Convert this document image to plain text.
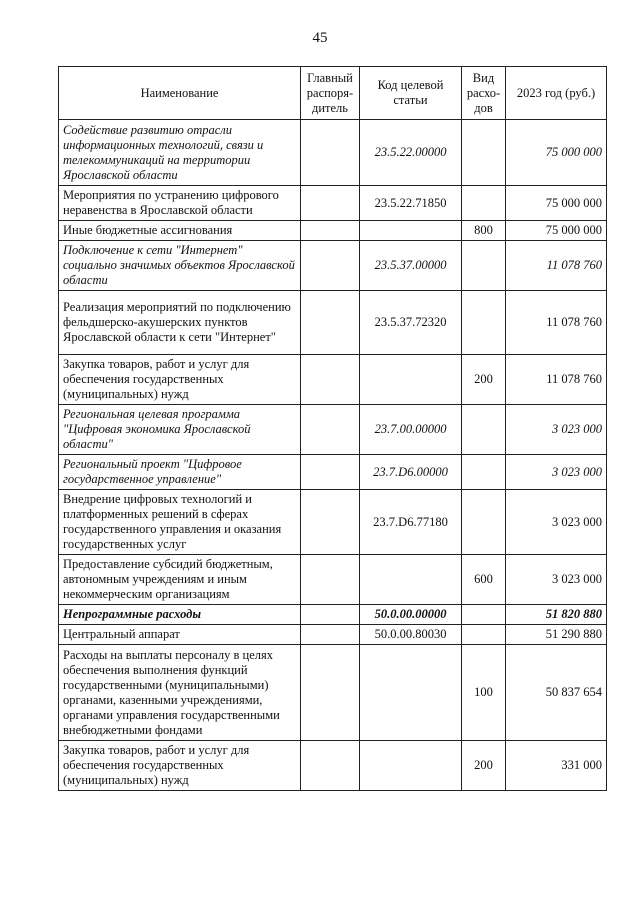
45
Наименование	Главный распоря-дитель	Код целевой статьи	Вид расхо-дов	2023 год (руб.)
Содействие развитию отрасли информационных технологий, связи и телекоммуникаций на территории Ярославской области		23.5.22.00000		75 000 000
Мероприятия по устранению цифрового неравенства в Ярославской области		23.5.22.71850		75 000 000
Иные бюджетные ассигнования			800	75 000 000
Подключение к сети "Интернет" социально значимых объектов Ярославской области		23.5.37.00000		11 078 760
Реализация мероприятий по подключению фельдшерско-акушерских пунктов Ярославской области к сети "Интернет"		23.5.37.72320		11 078 760
Закупка товаров, работ и услуг для обеспечения государственных (муниципальных) нужд			200	11 078 760
Региональная целевая программа "Цифровая экономика Ярославской области"		23.7.00.00000		3 023 000
Региональный проект "Цифровое государственное управление"		23.7.D6.00000		3 023 000
Внедрение цифровых технологий и платформенных решений в сферах государственного управления и оказания государственных услуг		23.7.D6.77180		3 023 000
Предоставление субсидий бюджетным, автономным учреждениям и иным некоммерческим организациям			600	3 023 000
Непрограммные расходы		50.0.00.00000		51 820 880
Центральный аппарат		50.0.00.80030		51 290 880
Расходы на выплаты персоналу в целях обеспечения выполнения функций государственными (муниципальными) органами, казенными учреждениями, органами управления государственными внебюджетными фондами			100	50 837 654
Закупка товаров, работ и услуг для обеспечения государственных (муниципальных) нужд			200	331 000
